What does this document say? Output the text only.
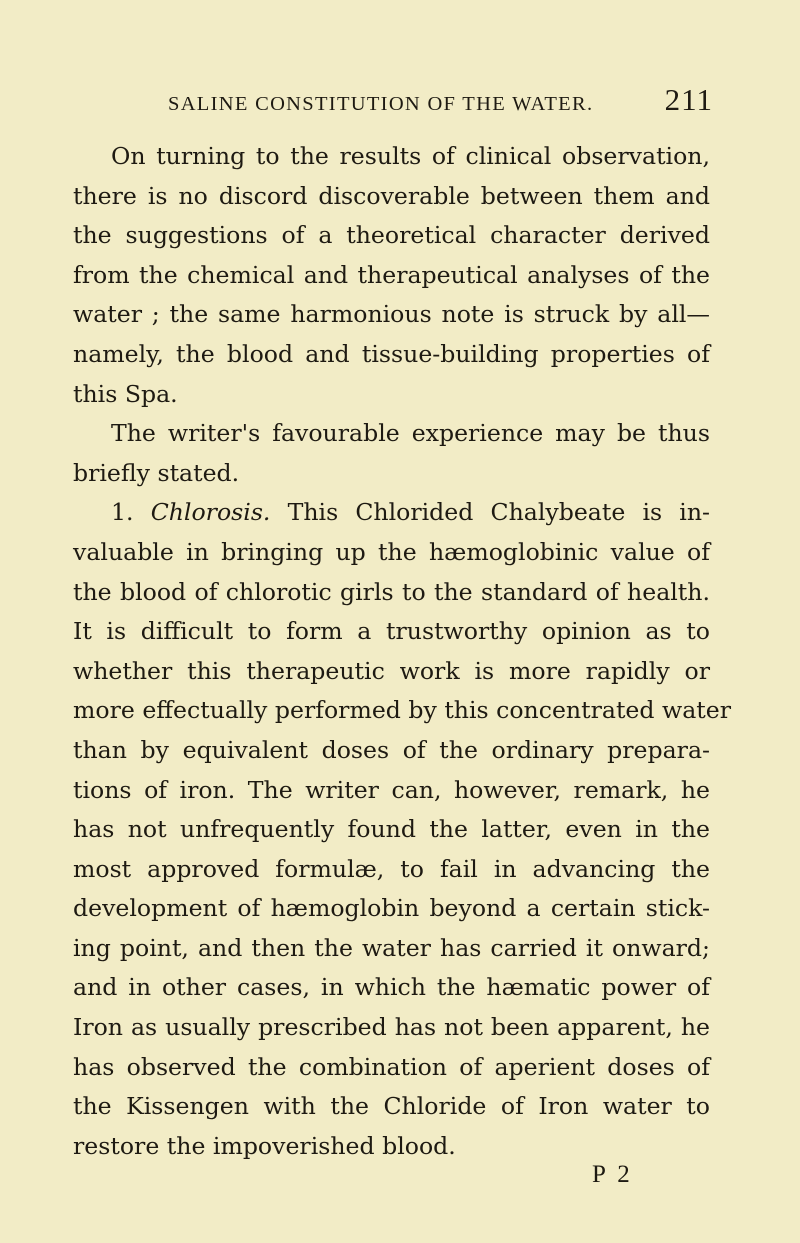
SALINE CONSTITUTION OF THE WATER. 211
On turning to the results of clinical observation,
there is no discord discoverable between them and
the suggestions of a theoretical character derived
from the chemical and therapeutical analyses of the
water ; the same harmonious note is struck by all—
namely, the blood and tissue-building properties of
this Spa.
The writer's favourable experience may be thus
briefly stated.
1. Chlorosis. This Chlorided Chalybeate is in-
valuable in bringing up the hæmoglobinic value of
the blood of chlorotic girls to the standard of health.
It is difficult to form a trustworthy opinion as to
whether this therapeutic work is more rapidly or
more effectually performed by this concentrated water
than by equivalent doses of the ordinary prepara-
tions of iron. The writer can, however, remark, he
has not unfrequently found the latter, even in the
most approved formulæ, to fail in advancing the
development of hæmoglobin beyond a certain stick-
ing point, and then the water has carried it onward;
and in other cases, in which the hæmatic power of
Iron as usually prescribed has not been apparent, he
has observed the combination of aperient doses of
the Kissengen with the Chloride of Iron water to
restore the impoverished blood.
P 2
